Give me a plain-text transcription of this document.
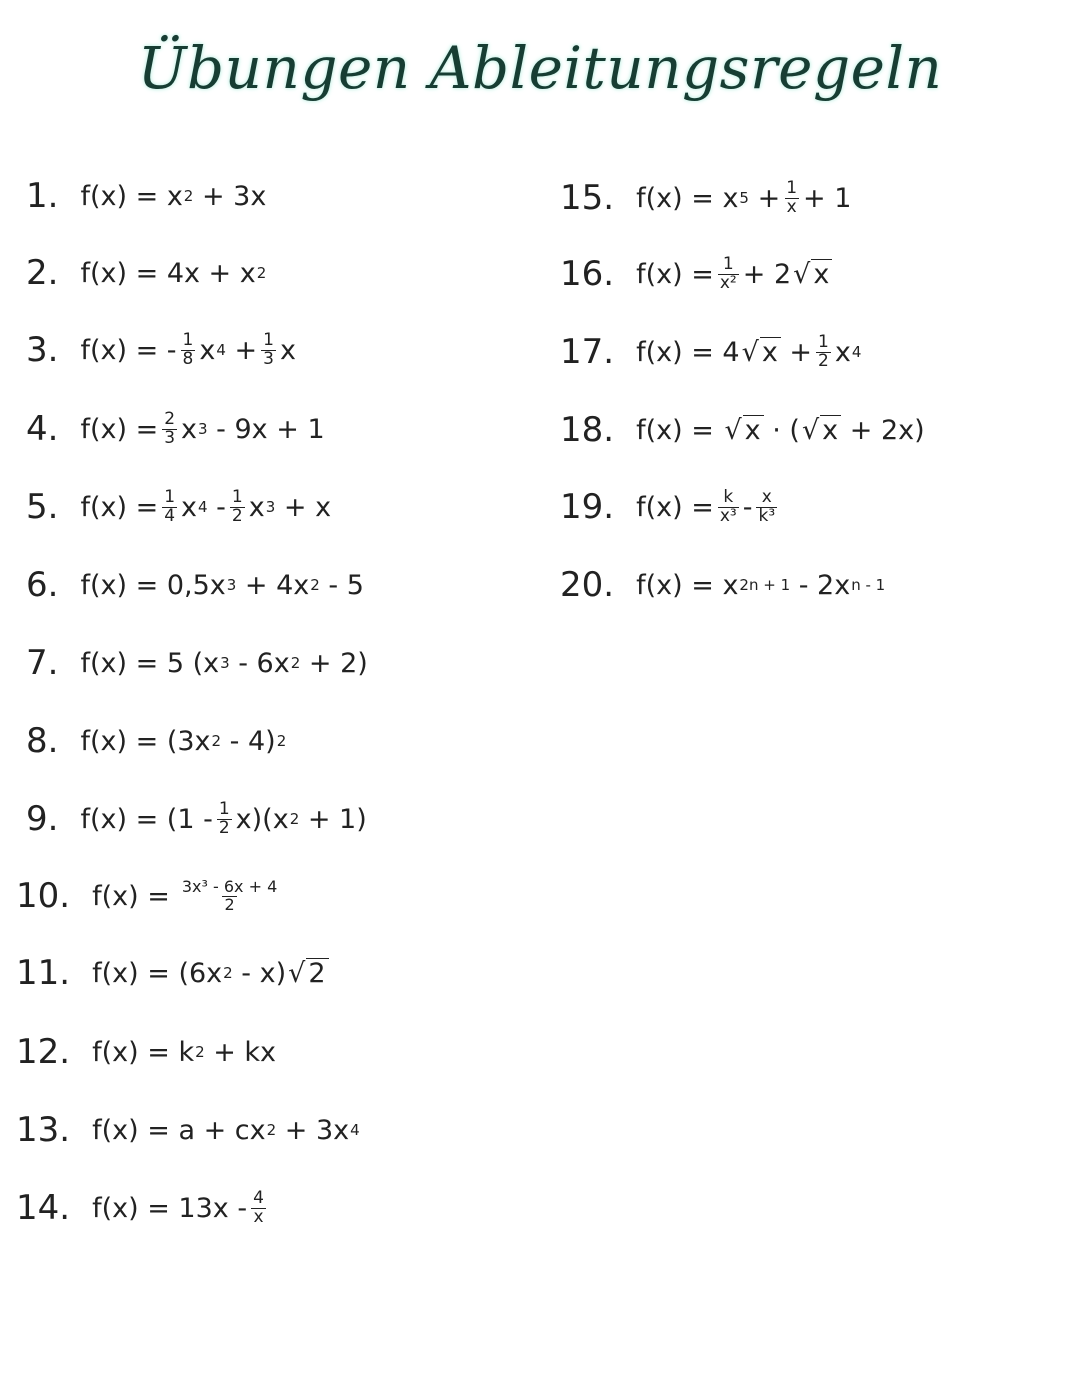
Übungen Ableitungsregeln
1. f(x) =
x 2
+ 3x
2. f(x) =
4x + x 2
3. f(x) = - $\frac{1}{8}$ x 4
+ $\frac{1}{3}$ x
4. $f(x) = \frac{2}{3}$ x 3
- 9x + 1
5. $f(x) = \frac{1}{4}$ x 4
- $\frac{1}{2}$ x 3
+ x
6. f(x) =
0,5x 3
+ 4x 2
- 5
7. f(x) =
5 (x 3
- 6x 2
+ 2)
8. f(x) =
(3x 2
- 4) 2
9. $f(x) = (1 - \frac{1}{2} x)(x$ 2
+ 1)
10. $f(x) = \frac{\text{3x³ - 6x + 4}}{2}$
11. f(x) =
(6x 2
- x) √ 2
12. f(x) =
k 2
+ kx
13. f(x) =
a + cx 2
+ 3x 4
14. $f(x) = 13x - \frac{4}{x}$
15. f(x) =
x 5
+ $\frac{1}{x} + 1$
16. $f(x) = \frac{1}{\text{x²}} + 2$ √ x
17. f(x) = 4 √ x
+ $\frac{1}{2}$ x 4
18. f(x) =
√ x
· ( √ x
+ 2x)
19. $f(x) = \frac{k}{\text{x³}} - \frac{x}{\text{k³}}$
20. f(x) =
x 2n + 1
- 2x n - 1
